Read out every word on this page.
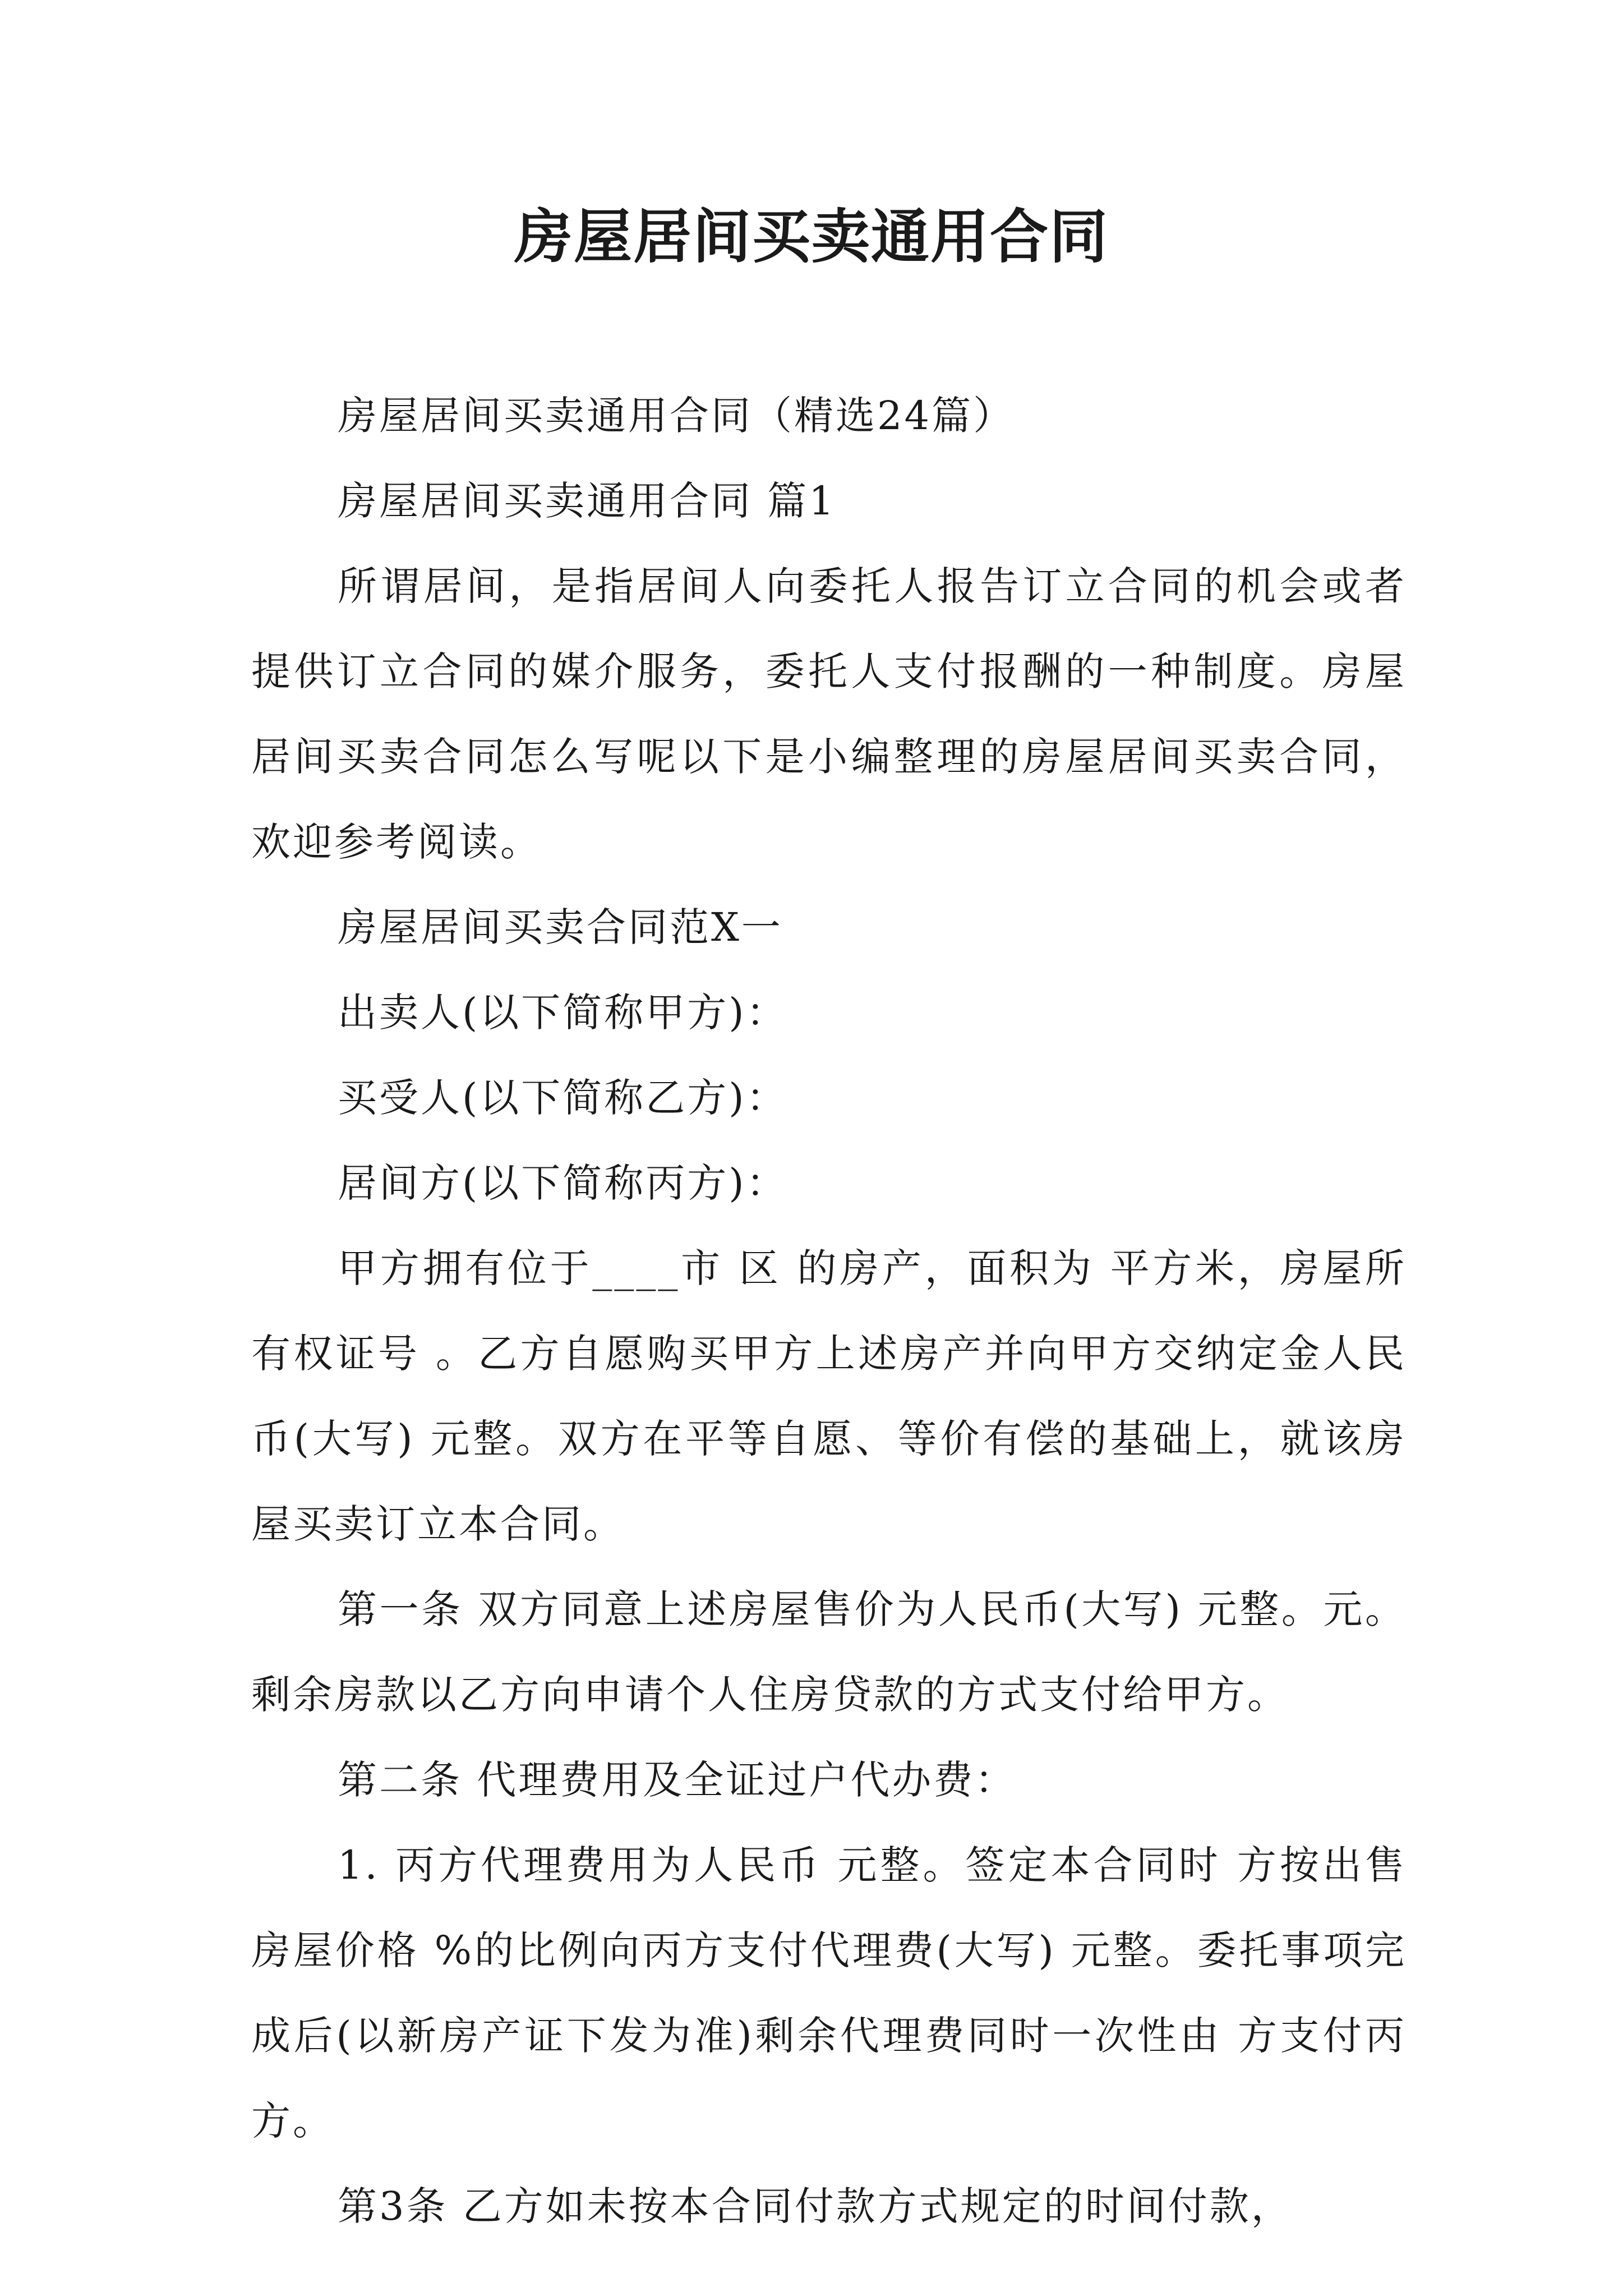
房屋居间买卖通用合同

房屋居间买卖通用合同（精选24篇）

房屋居间买卖通用合同 篇1

所谓居间，是指居间人向委托人报告订立合同的机会或者提供订立合同的媒介服务，委托人支付报酬的一种制度。房屋居间买卖合同怎么写呢以下是小编整理的房屋居间买卖合同，欢迎参考阅读。

房屋居间买卖合同范X一

出卖人(以下简称甲方)：

买受人(以下简称乙方)：

居间方(以下简称丙方)：

甲方拥有位于____市 区 的房产，面积为 平方米，房屋所有权证号 。乙方自愿购买甲方上述房产并向甲方交纳定金人民币(大写) 元整。双方在平等自愿、等价有偿的基础上，就该房屋买卖订立本合同。

第一条 双方同意上述房屋售价为人民币(大写) 元整。元。剩余房款以乙方向申请个人住房贷款的方式支付给甲方。

第二条 代理费用及全证过户代办费：

1. 丙方代理费用为人民币 元整。签定本合同时 方按出售房屋价格 %的比例向丙方支付代理费(大写) 元整。委托事项完成后(以新房产证下发为准)剩余代理费同时一次性由 方支付丙方。

第3条 乙方如未按本合同付款方式规定的时间付款，
